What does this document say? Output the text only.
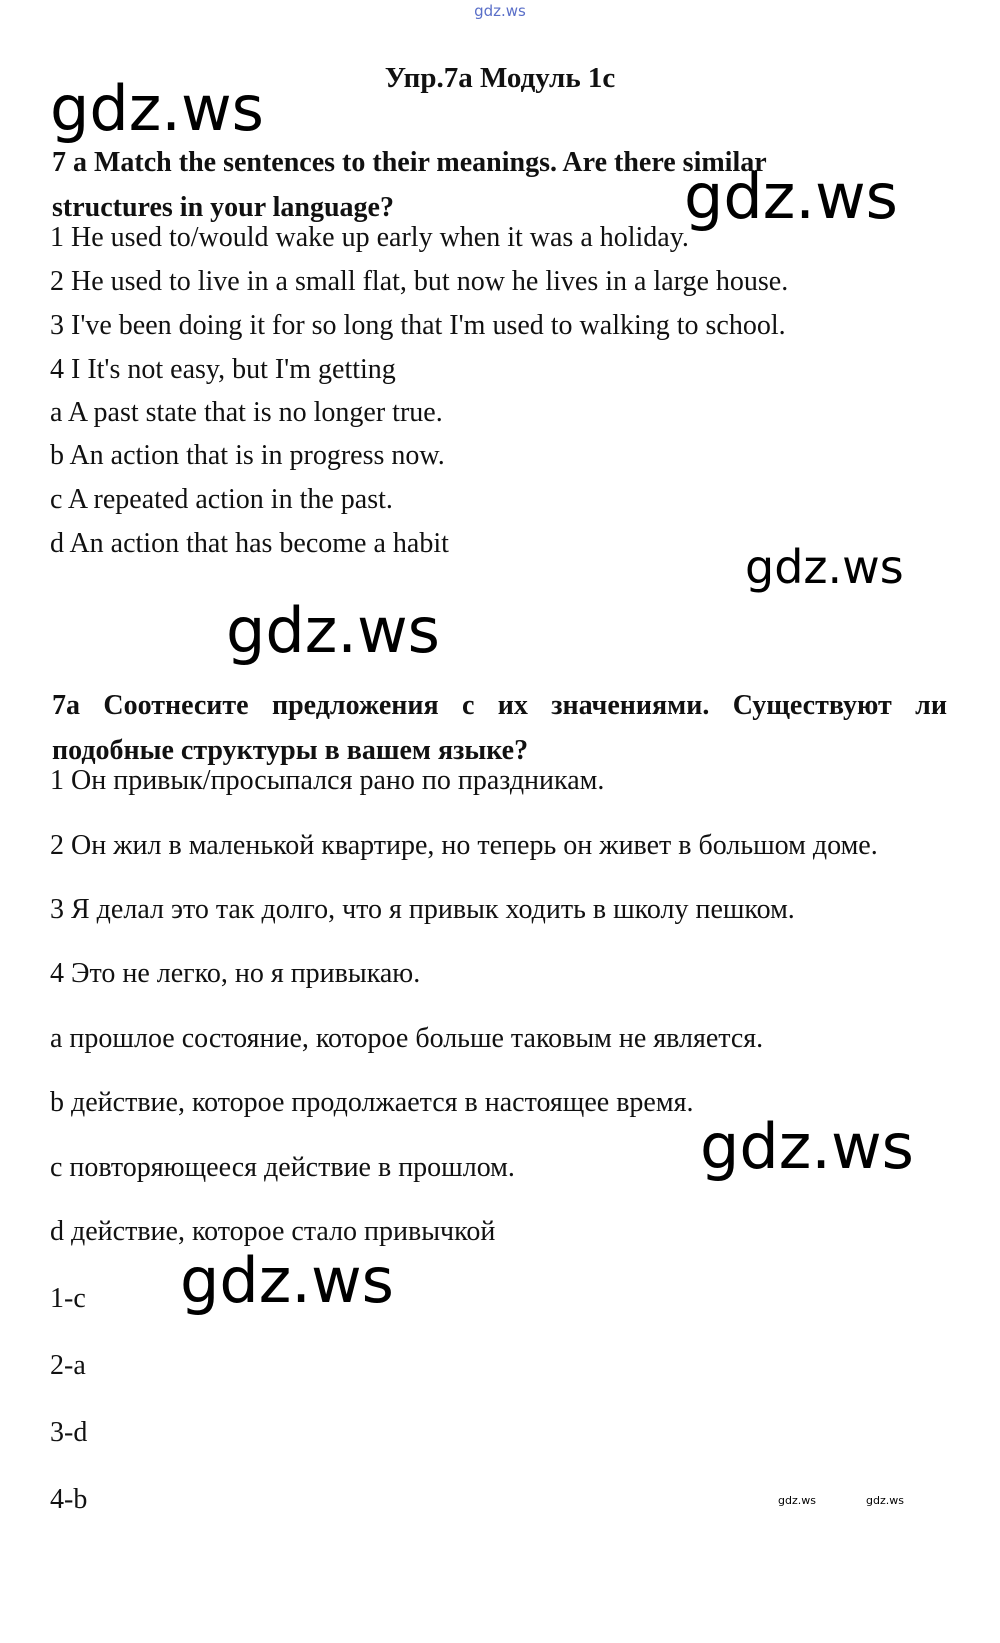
gdz.ws
Упр.7a Модуль 1c
gdz.ws
gdz.ws
gdz.ws
gdz.ws
gdz.ws
gdz.ws
gdz.ws	gdz.ws
7 a Match the sentences to their meanings. Are there similar structures in your language?
1 He used to/would wake up early when it was a holiday.
2 He used to live in a small flat, but now he lives in a large house.
3 I've been doing it for so long that I'm used to walking to school.
4 I It's not easy, but I'm getting
a A past state that is no longer true.
b An action that is in progress now.
c A repeated action in the past.
d An action that has become a habit
7а Соотнесите предложения с их значениями. Существуют ли подобные структуры в вашем языке?
1 Он привык/просыпался рано по праздникам.
2 Он жил в маленькой квартире, но теперь он живет в большом доме.
3 Я делал это так долго, что я привык ходить в школу пешком.
4 Это не легко, но я привыкаю.
а прошлое состояние, которое больше таковым не является.
b действие, которое продолжается в настоящее время.
с повторяющееся действие в прошлом.
d действие, которое стало привычкой
1-c
2-a
3-d
4-b
